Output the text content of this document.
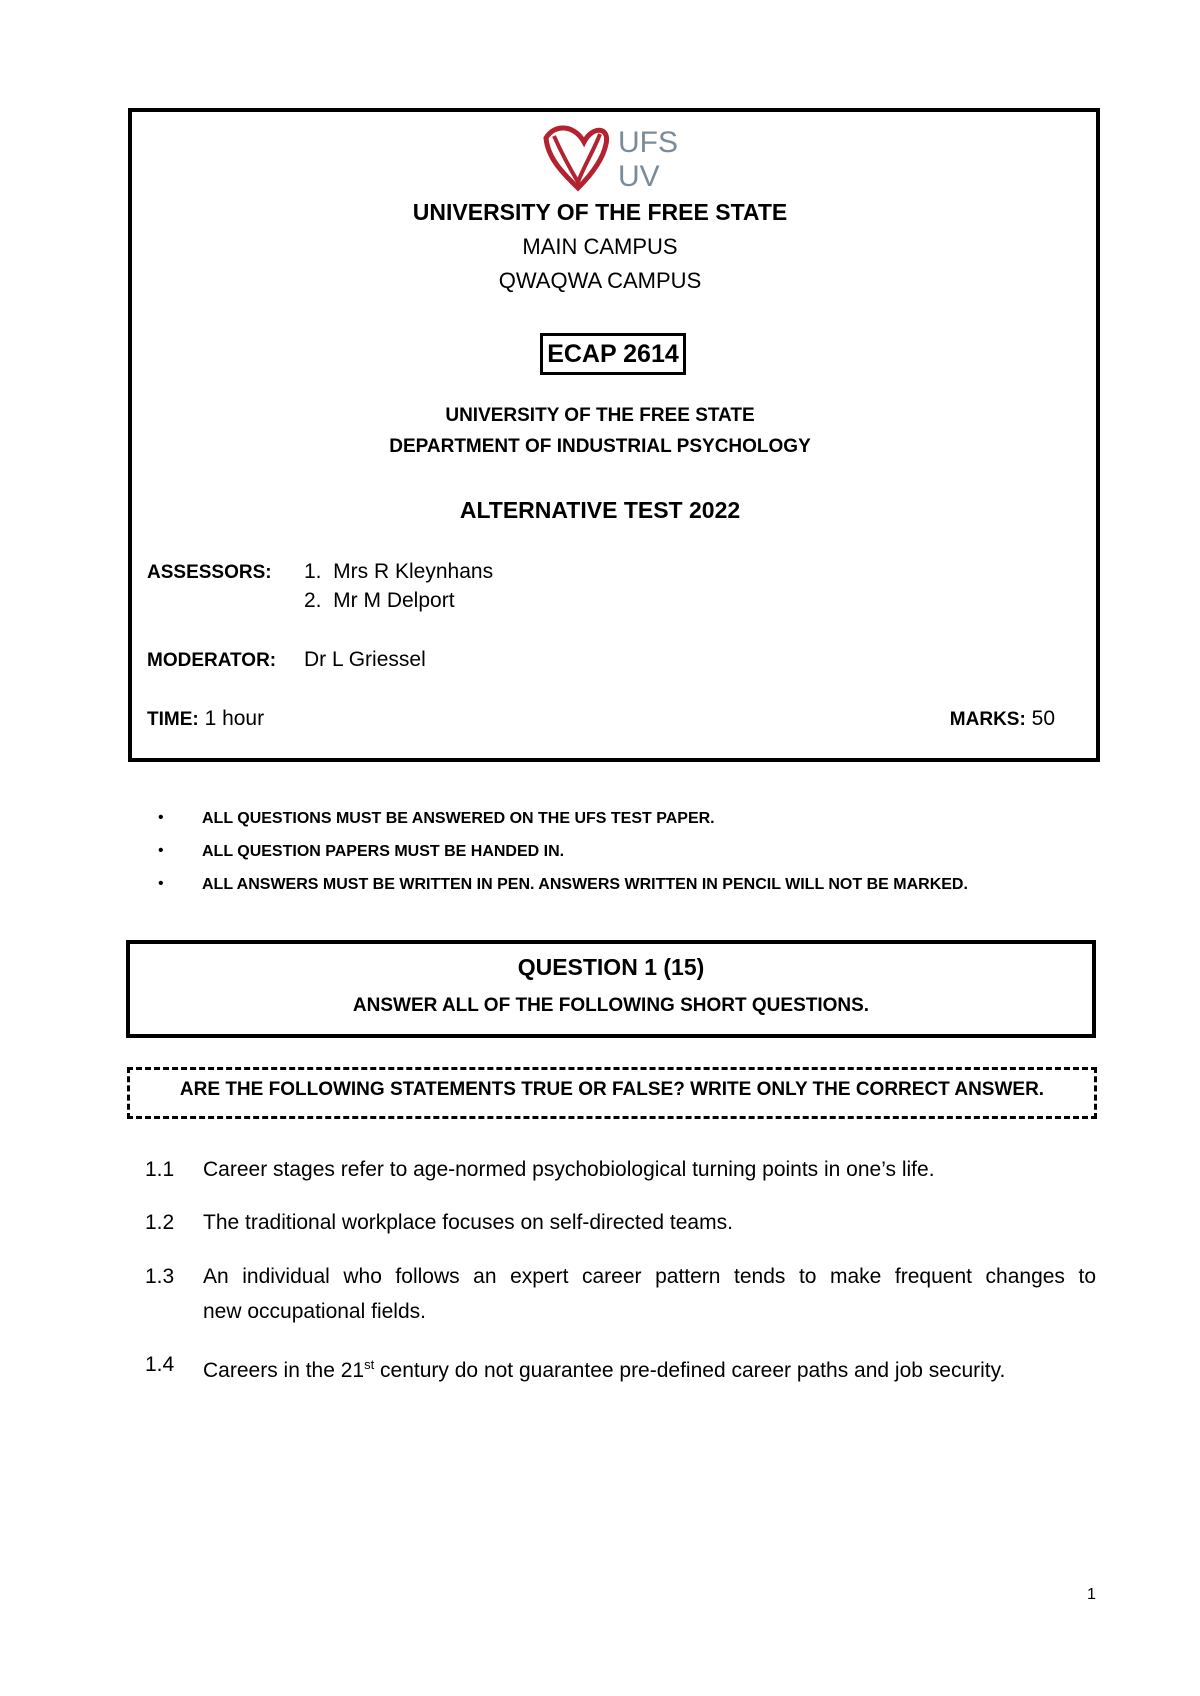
UFS
UV
UNIVERSITY OF THE FREE STATE
MAIN CAMPUS
QWAQWA CAMPUS
ECAP 2614
UNIVERSITY OF THE FREE STATE
DEPARTMENT OF INDUSTRIAL PSYCHOLOGY
ALTERNATIVE TEST 2022
ASSESSORS: 1.  Mrs R Kleynhans
2.  Mr M Delport
MODERATOR: Dr L Griessel
TIME: 1 hour	MARKS: 50
• ALL QUESTIONS MUST BE ANSWERED ON THE UFS TEST PAPER.
• ALL QUESTION PAPERS MUST BE HANDED IN.
• ALL ANSWERS MUST BE WRITTEN IN PEN. ANSWERS WRITTEN IN PENCIL WILL NOT BE MARKED.
QUESTION 1 (15)
ANSWER ALL OF THE FOLLOWING SHORT QUESTIONS.
ARE THE FOLLOWING STATEMENTS TRUE OR FALSE? WRITE ONLY THE CORRECT ANSWER.
1.1 Career stages refer to age-normed psychobiological turning points in one’s life.
1.2 The traditional workplace focuses on self-directed teams.
1.3 An individual who follows an expert career pattern tends to make frequent changes to
new occupational fields.
1.4 Careers in the 21st century do not guarantee pre-defined career paths and job security.
1
